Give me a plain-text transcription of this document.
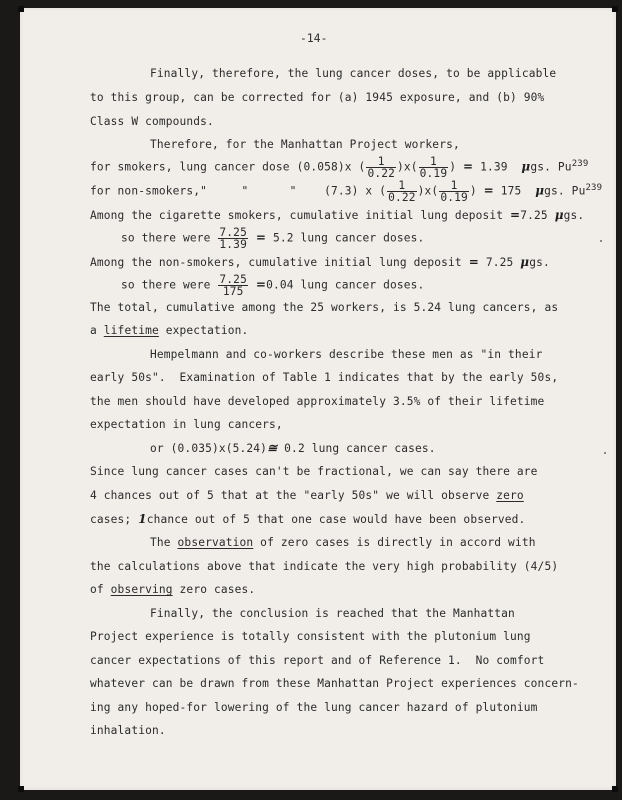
-14-
Finally, therefore, the lung cancer doses, to be applicable
to this group, can be corrected for (a) 1945 exposure, and (b) 90%
Class W compounds.
Therefore, for the Manhattan Project workers,
for smokers, lung cancer dose (0.058)x ( $\frac{1}{0.22} )x( \frac{1}{0.19}$ ) = 1.39 μgs. Pu$^{239}$
for non-smokers,"     "      "    (7.3) x ( $\frac{1}{0.22} )x( \frac{1}{0.19}$ ) = 175 μgs. Pu$^{239}$
Among the cigarette smokers, cumulative initial lung deposit =7.25 μgs.
so there were $\frac{7.25}{1.39} = 5.2$ lung cancer doses.
Among the non-smokers, cumulative initial lung deposit = 7.25 μgs.
so there were $\frac{7.25}{175} =0.04$ lung cancer doses.
The total, cumulative among the 25 workers, is 5.24 lung cancers, as
a lifetime expectation.
Hempelmann and co-workers describe these men as "in their
early 50s".  Examination of Table 1 indicates that by the early 50s,
the men should have developed approximately 3.5% of their lifetime
expectation in lung cancers,
or (0.035)x(5.24)≅ 0.2 lung cancer cases.
Since lung cancer cases can't be fractional, we can say there are
4 chances out of 5 that at the "early 50s" we will observe zero
cases; 1chance out of 5 that one case would have been observed.
The observation of zero cases is directly in accord with
the calculations above that indicate the very high probability (4/5)
of observing zero cases.
Finally, the conclusion is reached that the Manhattan
Project experience is totally consistent with the plutonium lung
cancer expectations of this report and of Reference 1.  No comfort
whatever can be drawn from these Manhattan Project experiences concern-
ing any hoped-for lowering of the lung cancer hazard of plutonium
inhalation.
